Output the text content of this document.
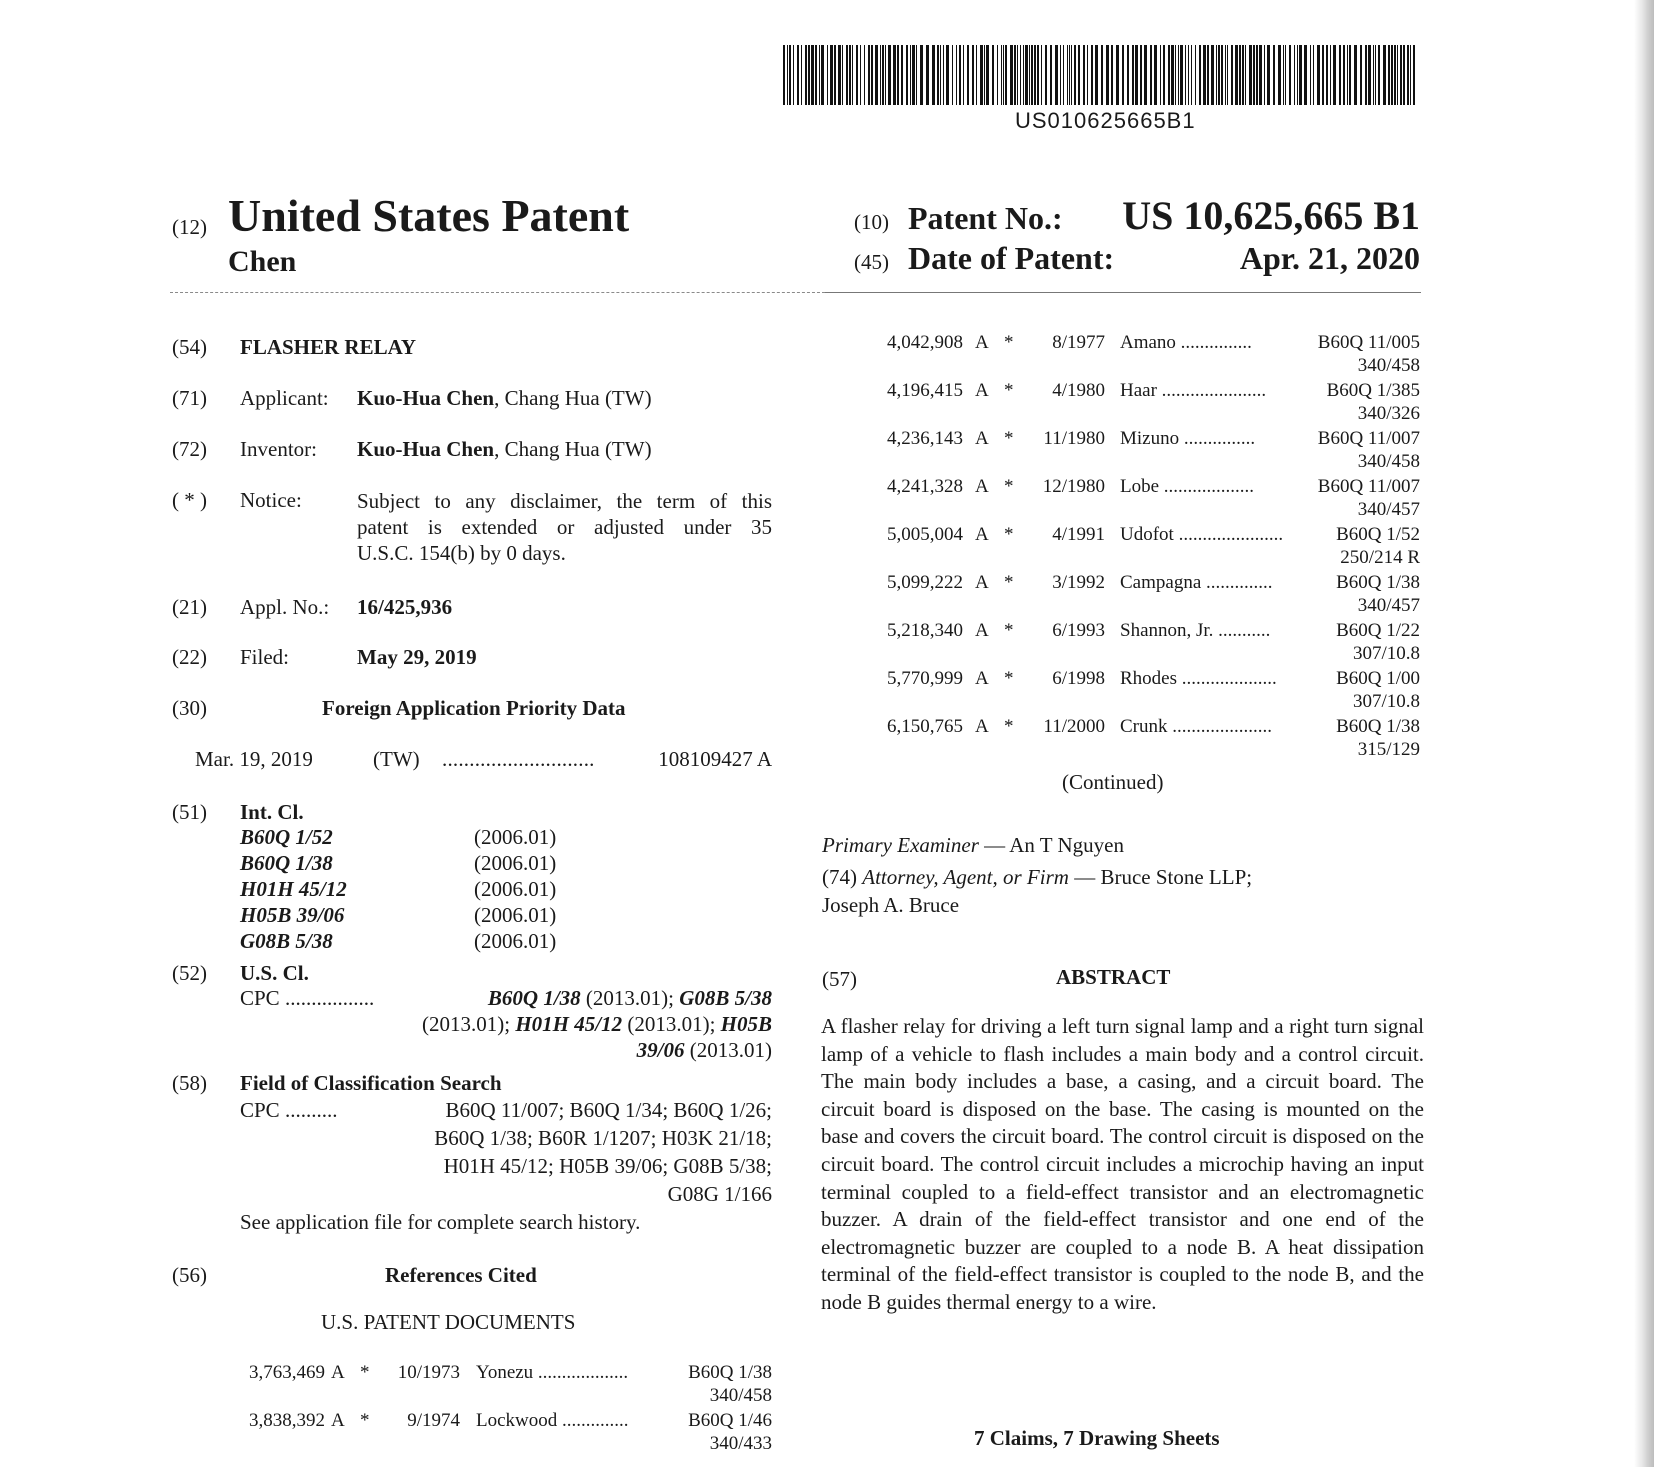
US010625665B1
(12) United States Patent
Chen
(10) Patent No.: US 10,625,665 B1
(45) Date of Patent:	Apr. 21, 2020
(54) FLASHER RELAY
(71) Applicant: Kuo-Hua Chen, Chang Hua (TW)
(72) Inventor: Kuo-Hua Chen, Chang Hua (TW)
( * ) Notice:	Subject to any disclaimer, the term of this
patent is extended or adjusted under 35
U.S.C. 154(b) by 0 days.
(21) Appl. No.: 16/425,936
(22) Filed:	May 29, 2019
(30)	Foreign Application Priority Data
Mar. 19, 2019	(TW) ............................	108109427 A
(51) Int. Cl.
B60Q 1/52	(2006.01)
B60Q 1/38	(2006.01)
H01H 45/12	(2006.01)
H05B 39/06	(2006.01)
G08B 5/38	(2006.01)
(52) U.S. Cl.
CPC .................	B60Q 1/38 (2013.01); G08B 5/38
(2013.01); H01H 45/12 (2013.01); H05B
39/06 (2013.01)
(58) Field of Classification Search
CPC ..........	B60Q 11/007; B60Q 1/34; B60Q 1/26;
B60Q 1/38; B60R 1/1207; H03K 21/18;
H01H 45/12; H05B 39/06; G08B 5/38;
G08G 1/166
See application file for complete search history.
(56)	References Cited
U.S. PATENT DOCUMENTS
3,763,469 A * 10/1973 Yonezu ...................	B60Q 1/38
340/458
3,838,392 A * 9/1974 Lockwood ..............	B60Q 1/46
340/433
4,042,908 A * 8/1977 Amano ...............	B60Q 11/005
340/458
4,196,415 A * 4/1980 Haar ......................	B60Q 1/385
340/326
4,236,143 A * 11/1980 Mizuno ...............	B60Q 11/007
340/458
4,241,328 A * 12/1980 Lobe ...................	B60Q 11/007
340/457
5,005,004 A * 4/1991 Udofot ......................	B60Q 1/52
250/214 R
5,099,222 A * 3/1992 Campagna ..............	B60Q 1/38
340/457
5,218,340 A * 6/1993 Shannon, Jr. ...........	B60Q 1/22
307/10.8
5,770,999 A * 6/1998 Rhodes ....................	B60Q 1/00
307/10.8
6,150,765 A * 11/2000 Crunk .....................	B60Q 1/38
315/129
(Continued)
Primary Examiner — An T Nguyen
(74) Attorney, Agent, or Firm — Bruce Stone LLP;
Joseph A. Bruce
(57)	ABSTRACT
A flasher relay for driving a left turn signal lamp and a right turn signal lamp of a vehicle to flash includes a main body and a control circuit. The main body includes a base, a casing, and a circuit board. The circuit board is disposed on the base. The casing is mounted on the base and covers the circuit board. The control circuit is disposed on the circuit board. The control circuit includes a microchip having an input terminal coupled to a field-effect transistor and an electromagnetic buzzer. A drain of the field-effect transistor and one end of the electromagnetic buzzer are coupled to a node B. A heat dissipation terminal of the field-effect transistor is coupled to the node B, and the node B guides thermal energy to a wire.
7 Claims, 7 Drawing Sheets
